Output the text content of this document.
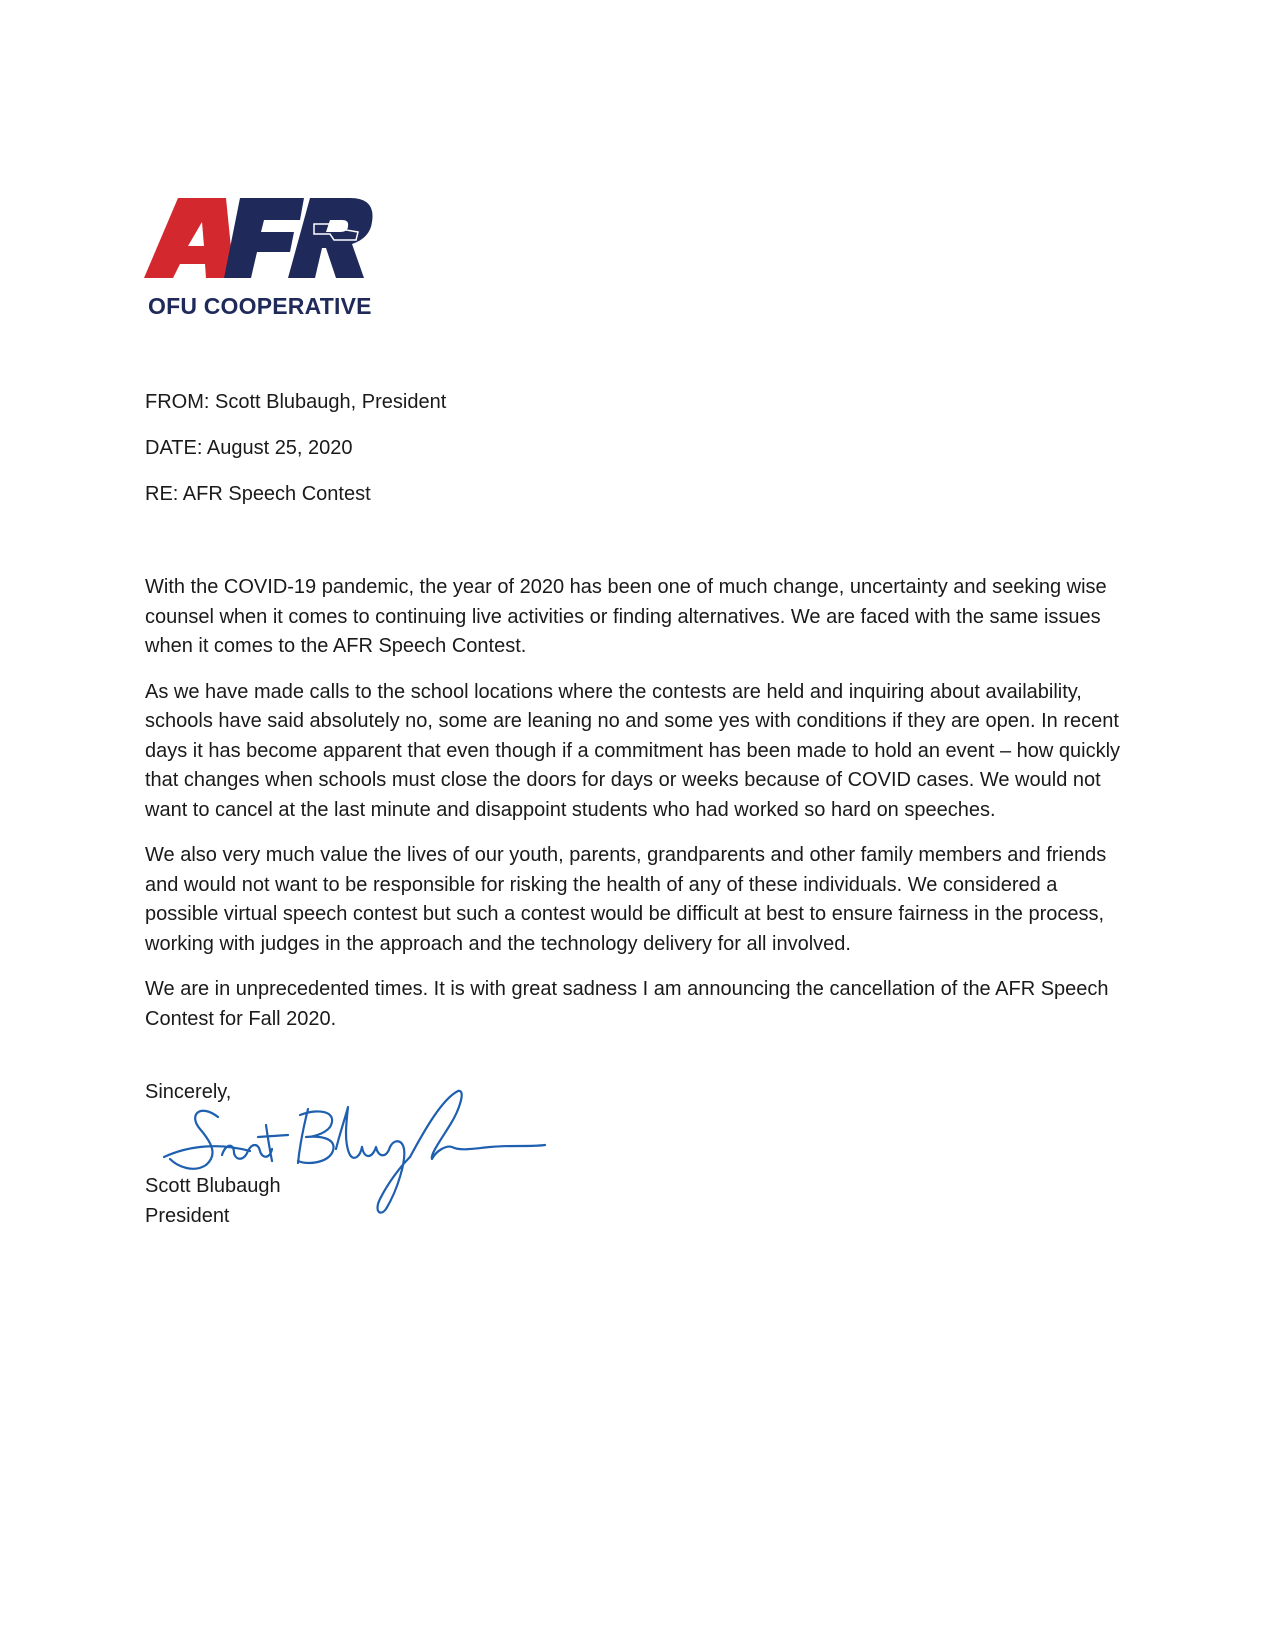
OFU COOPERATIVE
FROM: Scott Blubaugh, President
DATE: August 25, 2020
RE: AFR Speech Contest

With the COVID-19 pandemic, the year of 2020 has been one of much change, uncertainty and seeking wise counsel when it comes to continuing live activities or finding alternatives. We are faced with the same issues when it comes to the AFR Speech Contest.

As we have made calls to the school locations where the contests are held and inquiring about availability, schools have said absolutely no, some are leaning no and some yes with conditions if they are open. In recent days it has become apparent that even though if a commitment has been made to hold an event – how quickly that changes when schools must close the doors for days or weeks because of COVID cases. We would not want to cancel at the last minute and disappoint students who had worked so hard on speeches.

We also very much value the lives of our youth, parents, grandparents and other family members and friends and would not want to be responsible for risking the health of any of these individuals. We considered a possible virtual speech contest but such a contest would be difficult at best to ensure fairness in the process, working with judges in the approach and the technology delivery for all involved.

We are in unprecedented times. It is with great sadness I am announcing the cancellation of the AFR Speech Contest for Fall 2020.

Sincerely,
Scott Blubaugh
President
